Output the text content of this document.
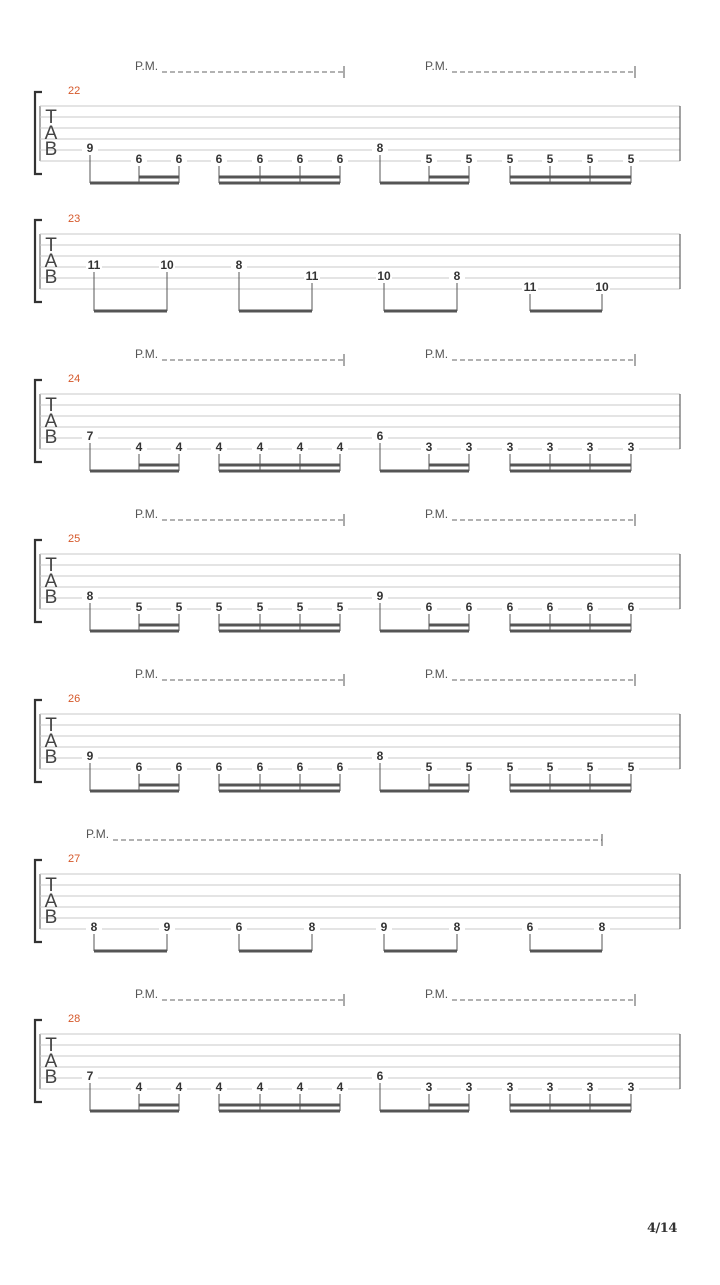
T
A
B
22
P.M.	P.M.
9
6	6	6	6	6	6
8
5	5	5	5	5	5
T
A
B
23
11	10	8
11	10	8
11	10
T
A
B
24
P.M.	P.M.
7
4	4	4	4	4	4
6
3	3	3	3	3	3
T
A
B
25
P.M.	P.M.
8
5	5	5	5	5	5
9
6	6	6	6	6	6
T
A
B
26
P.M.	P.M.
9
6	6	6	6	6	6
8
5	5	5	5	5	5
T
A
B
27
P.M.
8	9	6	8	9	8	6	8
T
A
B
28
P.M.	P.M.
7
4	4	4	4	4	4
6
3	3	3	3	3	3
4/14
